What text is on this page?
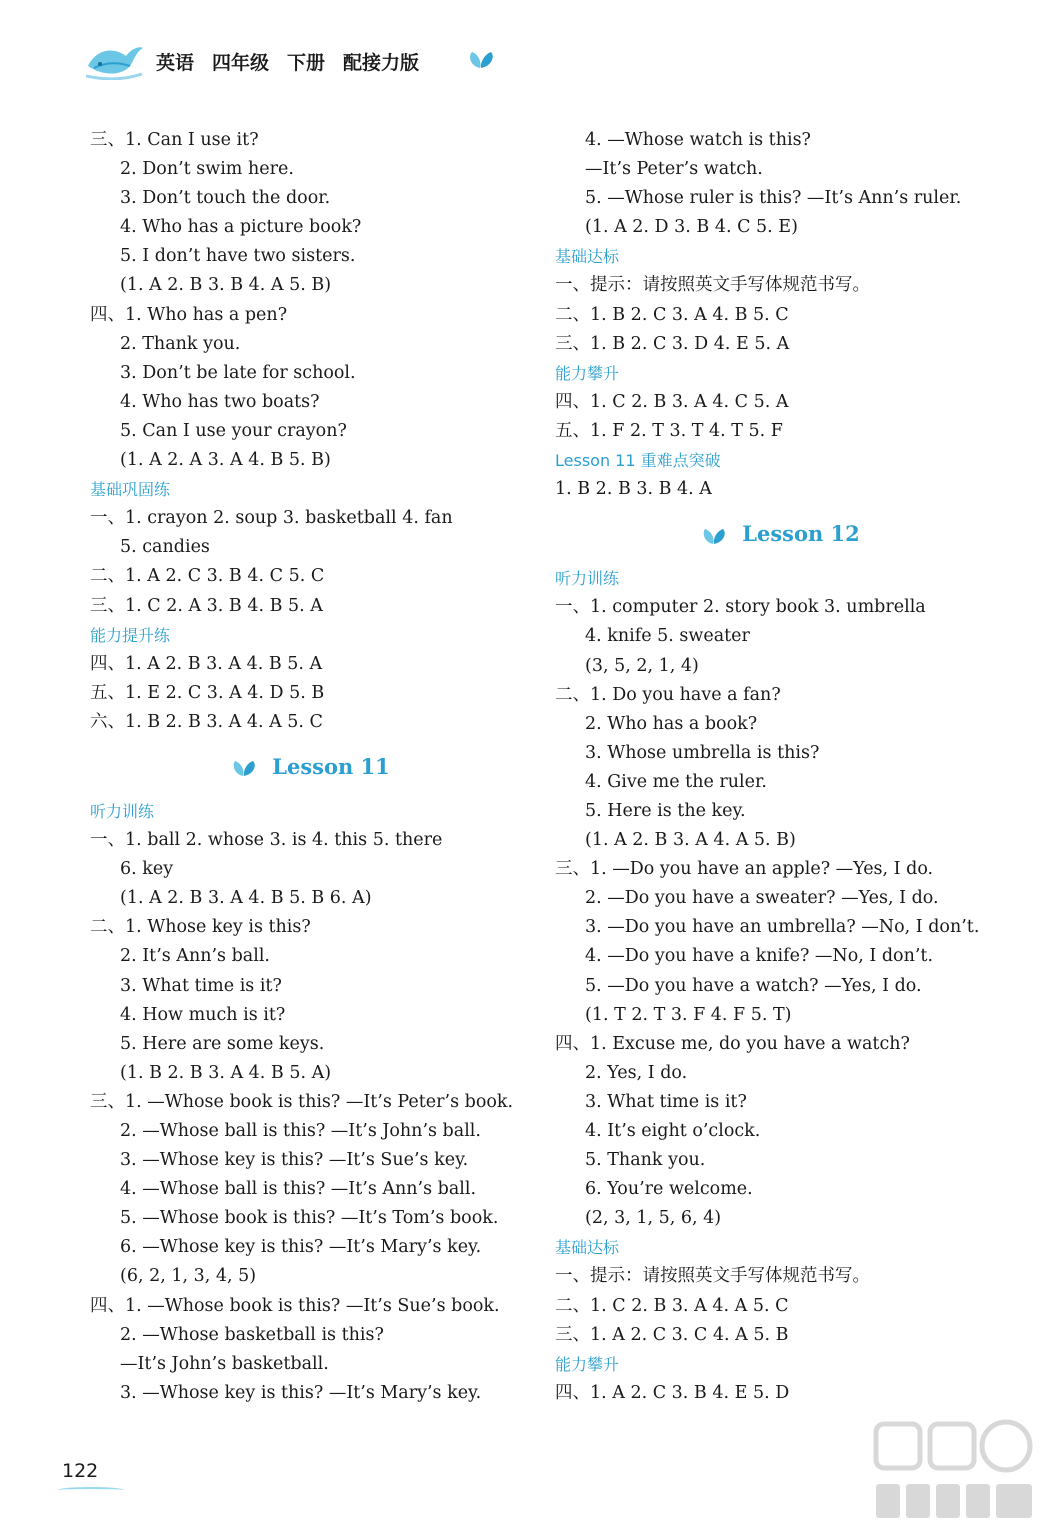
英语 四年级 下册 配接力版
三、1. Can I use it?
2. Don’t swim here.
3. Don’t touch the door.
4. Who has a picture book?
5. I don’t have two sisters.
(1. A 2. B 3. B 4. A 5. B)
四、1. Who has a pen?
2. Thank you.
3. Don’t be late for school.
4. Who has two boats?
5. Can I use your crayon?
(1. A 2. A 3. A 4. B 5. B)
基础巩固练
一、1. crayon 2. soup 3. basketball 4. fan
5. candies
二、1. A 2. C 3. B 4. C 5. C
三、1. C 2. A 3. B 4. B 5. A
能力提升练
四、1. A 2. B 3. A 4. B 5. A
五、1. E 2. C 3. A 4. D 5. B
六、1. B 2. B 3. A 4. A 5. C
Lesson 11
听力训练
一、1. ball 2. whose 3. is 4. this 5. there
6. key
(1. A 2. B 3. A 4. B 5. B 6. A)
二、1. Whose key is this?
2. It’s Ann’s ball.
3. What time is it?
4. How much is it?
5. Here are some keys.
(1. B 2. B 3. A 4. B 5. A)
三、1. —Whose book is this? —It’s Peter’s book.
2. —Whose ball is this? —It’s John’s ball.
3. —Whose key is this? —It’s Sue’s key.
4. —Whose ball is this? —It’s Ann’s ball.
5. —Whose book is this? —It’s Tom’s book.
6. —Whose key is this? —It’s Mary’s key.
(6, 2, 1, 3, 4, 5)
四、1. —Whose book is this? —It’s Sue’s book.
2. —Whose basketball is this?
—It’s John’s basketball.
3. —Whose key is this? —It’s Mary’s key.
4. —Whose watch is this?
—It’s Peter’s watch.
5. —Whose ruler is this? —It’s Ann’s ruler.
(1. A 2. D 3. B 4. C 5. E)
基础达标
一、提示：请按照英文手写体规范书写。
二、1. B 2. C 3. A 4. B 5. C
三、1. B 2. C 3. D 4. E 5. A
能力攀升
四、1. C 2. B 3. A 4. C 5. A
五、1. F 2. T 3. T 4. T 5. F
Lesson 11 重难点突破
1. B 2. B 3. B 4. A
Lesson 12
听力训练
一、1. computer 2. story book 3. umbrella
4. knife 5. sweater
(3, 5, 2, 1, 4)
二、1. Do you have a fan?
2. Who has a book?
3. Whose umbrella is this?
4. Give me the ruler.
5. Here is the key.
(1. A 2. B 3. A 4. A 5. B)
三、1. —Do you have an apple? —Yes, I do.
2. —Do you have a sweater? —Yes, I do.
3. —Do you have an umbrella? —No, I don’t.
4. —Do you have a knife? —No, I don’t.
5. —Do you have a watch? —Yes, I do.
(1. T 2. T 3. F 4. F 5. T)
四、1. Excuse me, do you have a watch?
2. Yes, I do.
3. What time is it?
4. It’s eight o’clock.
5. Thank you.
6. You’re welcome.
(2, 3, 1, 5, 6, 4)
基础达标
一、提示：请按照英文手写体规范书写。
二、1. C 2. B 3. A 4. A 5. C
三、1. A 2. C 3. C 4. A 5. B
能力攀升
四、1. A 2. C 3. B 4. E 5. D
122
